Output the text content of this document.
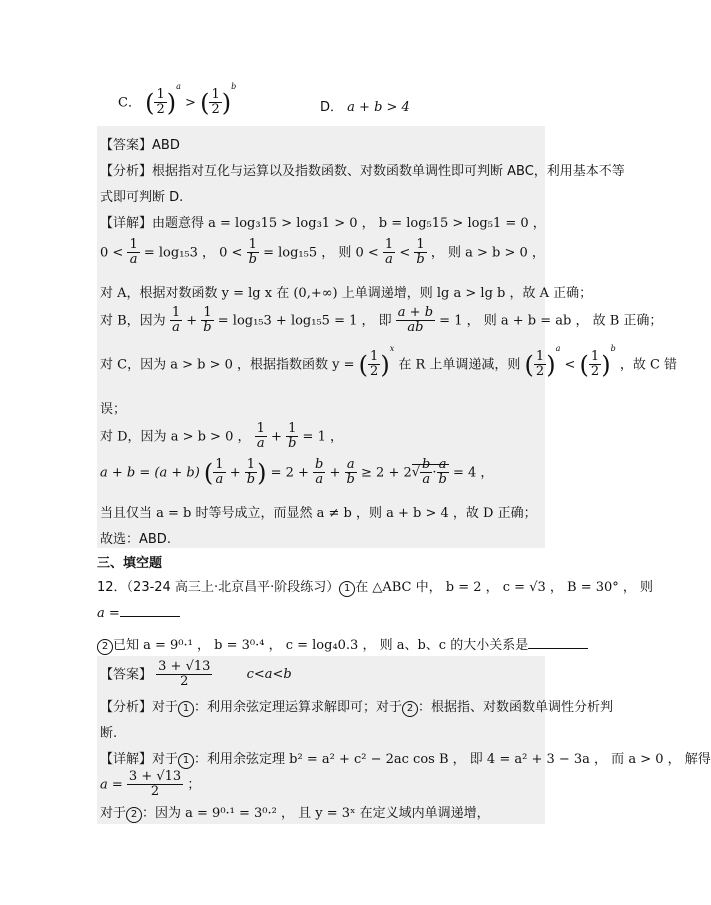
C． ( $\frac{1}{2} )^a$ > ( $\frac{1}{2} )^b$
D． a + b > 4
【答案】ABD
【分析】根据指对互化与运算以及指数函数、对数函数单调性即可判断 ABC，利用基本不等
式即可判断 D.
【详解】由题意得 a = log₃15 > log₃1 > 0 ， b = log₅15 > log₅1 = 0 ，
$0 < \frac{1}{a} = \log_{15}3$ ， $0 < \frac{1}{b} = \log_{15}5$ ， 则 $0 < \frac{1}{a} < \frac{1}{b}$ ， 则 a > b > 0 ，
对 A，根据对数函数 y = lg x 在 (0,+∞) 上单调递增，则 lg a > lg b ，故 A 正确；
对 B，因为 $\frac{1}{a} + \frac{1}{b} = \log_{15}3 + \log_{15}5 = 1$ ， 即 $\frac{a + b}{ab} = 1$ ， 则 a + b = ab ， 故 B 正确；
对 C，因为 a > b > 0 ，根据指数函数 y = ( $\frac{1}{2} )^x$ 在 R 上单调递减，则 ( $\frac{1}{2} )^a$ < ( $\frac{1}{2} )^b$ ，故 C 错
误；
对 D，因为 a > b > 0 ， $\frac{1}{a} + \frac{1}{b} = 1$ ，
a + b = (a + b) ( $\frac{1}{a} + \frac{1}{b}$ ) = $2 + \frac{b}{a} + \frac{a}{b} \ge 2 + 2√ \frac{b}{a} \cdot \frac{a}{b} = 4$ ，
当且仅当 a = b 时等号成立，而显然 a ≠ b ，则 a + b > 4 ，故 D 正确；
故选：ABD.
三、填空题
12．（23-24 高三上·北京昌平·阶段练习） 1 在 △ABC 中， b = 2 ， c = √3 ， B = 30° ， 则
a =
2 已知 a = 9⁰·¹ ， b = 3⁰·⁴ ， c = log₄0.3 ， 则 a、b、c 的大小关系是
【答案】 $\frac{3 + √13}{2}$	c<a<b
【分析】对于 1 ：利用余弦定理运算求解即可；对于 2 ：根据指、对数函数单调性分析判
断.
【详解】对于 1 ：利用余弦定理 b² = a² + c² − 2ac cos B ， 即 4 = a² + 3 − 3a ， 而 a > 0 ， 解得
$a = \frac{3 + √13}{2}$ ；
对于 2 ：因为 a = 9⁰·¹ = 3⁰·² ， 且 y = 3ˣ 在定义域内单调递增，
